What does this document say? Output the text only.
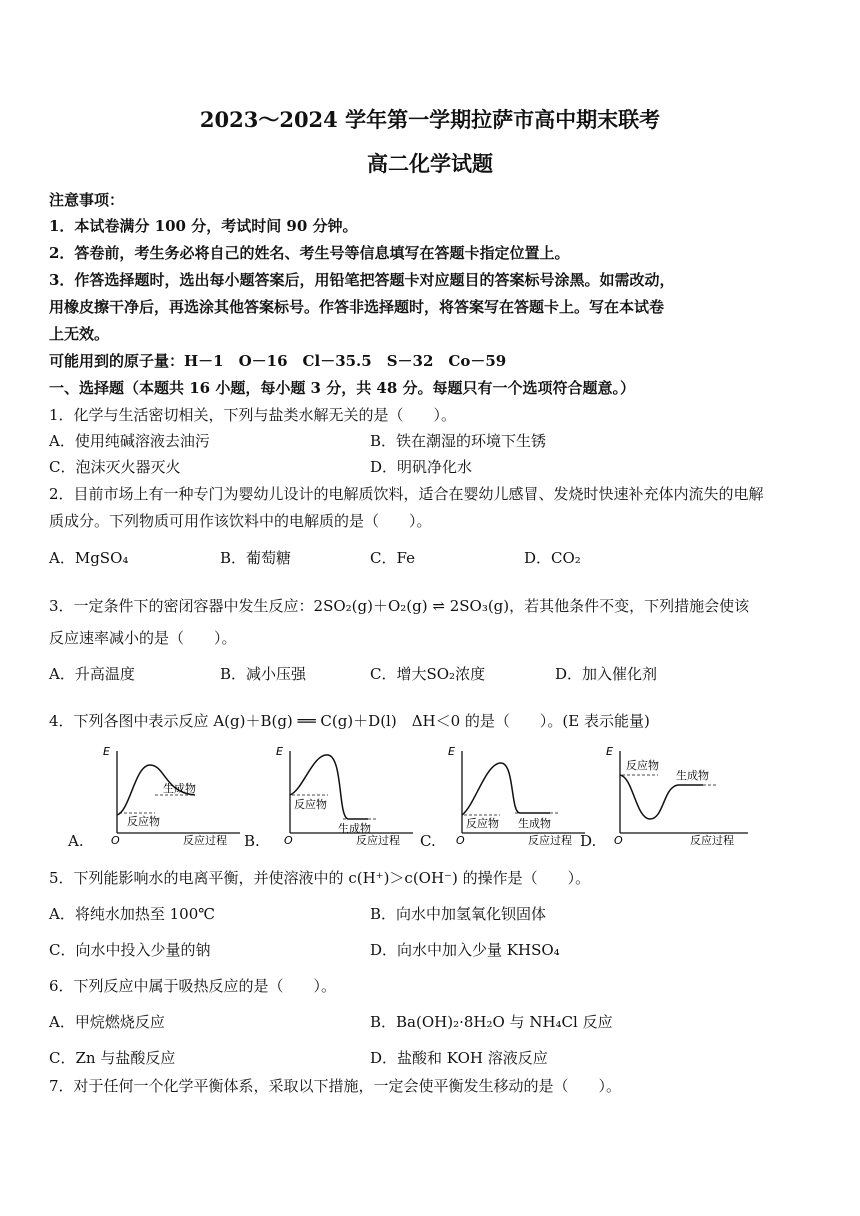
2023～2024 学年第一学期拉萨市高中期末联考
高二化学试题
注意事项：
1．本试卷满分 100 分，考试时间 90 分钟。
2．答卷前，考生务必将自己的姓名、考生号等信息填写在答题卡指定位置上。
3．作答选择题时，选出每小题答案后，用铅笔把答题卡对应题目的答案标号涂黑。如需改动，
用橡皮擦干净后，再选涂其他答案标号。作答非选择题时，将答案写在答题卡上。写在本试卷
上无效。
可能用到的原子量：H－1　O－16　Cl－35.5　S－32　Co－59
一、选择题（本题共 16 小题，每小题 3 分，共 48 分。每题只有一个选项符合题意。）
1．化学与生活密切相关，下列与盐类水解无关的是（　　）。
A．使用纯碱溶液去油污	B．铁在潮湿的环境下生锈
C．泡沫灭火器灭火	D．明矾净化水
2．目前市场上有一种专门为婴幼儿设计的电解质饮料，适合在婴幼儿感冒、发烧时快速补充体内流失的电解
质成分。下列物质可用作该饮料中的电解质的是（　　）。
A．MgSO₄	B．葡萄糖	C．Fe	D．CO₂
3．一定条件下的密闭容器中发生反应：2SO₂(g)＋O₂(g) ⇌ 2SO₃(g)，若其他条件不变，下列措施会使该
反应速率减小的是（　　）。
A．升高温度	B．减小压强	C．增大SO₂浓度	D．加入催化剂
4．下列各图中表示反应 A(g)＋B(g) ══ C(g)＋D(l)　ΔH＜0 的是（　　）。(E 表示能量)
A.
E
O	反应过程
生成物
反应物
B.
E
O	反应过程
反应物
生成物
C.
E
O	反应过程
反应物 生成物
D.
E
O	反应过程
反应物
生成物
5．下列能影响水的电离平衡，并使溶液中的 c(H⁺)＞c(OH⁻) 的操作是（　　）。
A．将纯水加热至 100℃	B．向水中加氢氧化钡固体
C．向水中投入少量的钠	D．向水中加入少量 KHSO₄
6．下列反应中属于吸热反应的是（　　）。
A．甲烷燃烧反应	B．Ba(OH)₂·8H₂O 与 NH₄Cl 反应
C．Zn 与盐酸反应	D．盐酸和 KOH 溶液反应
7．对于任何一个化学平衡体系，采取以下措施，一定会使平衡发生移动的是（　　）。
